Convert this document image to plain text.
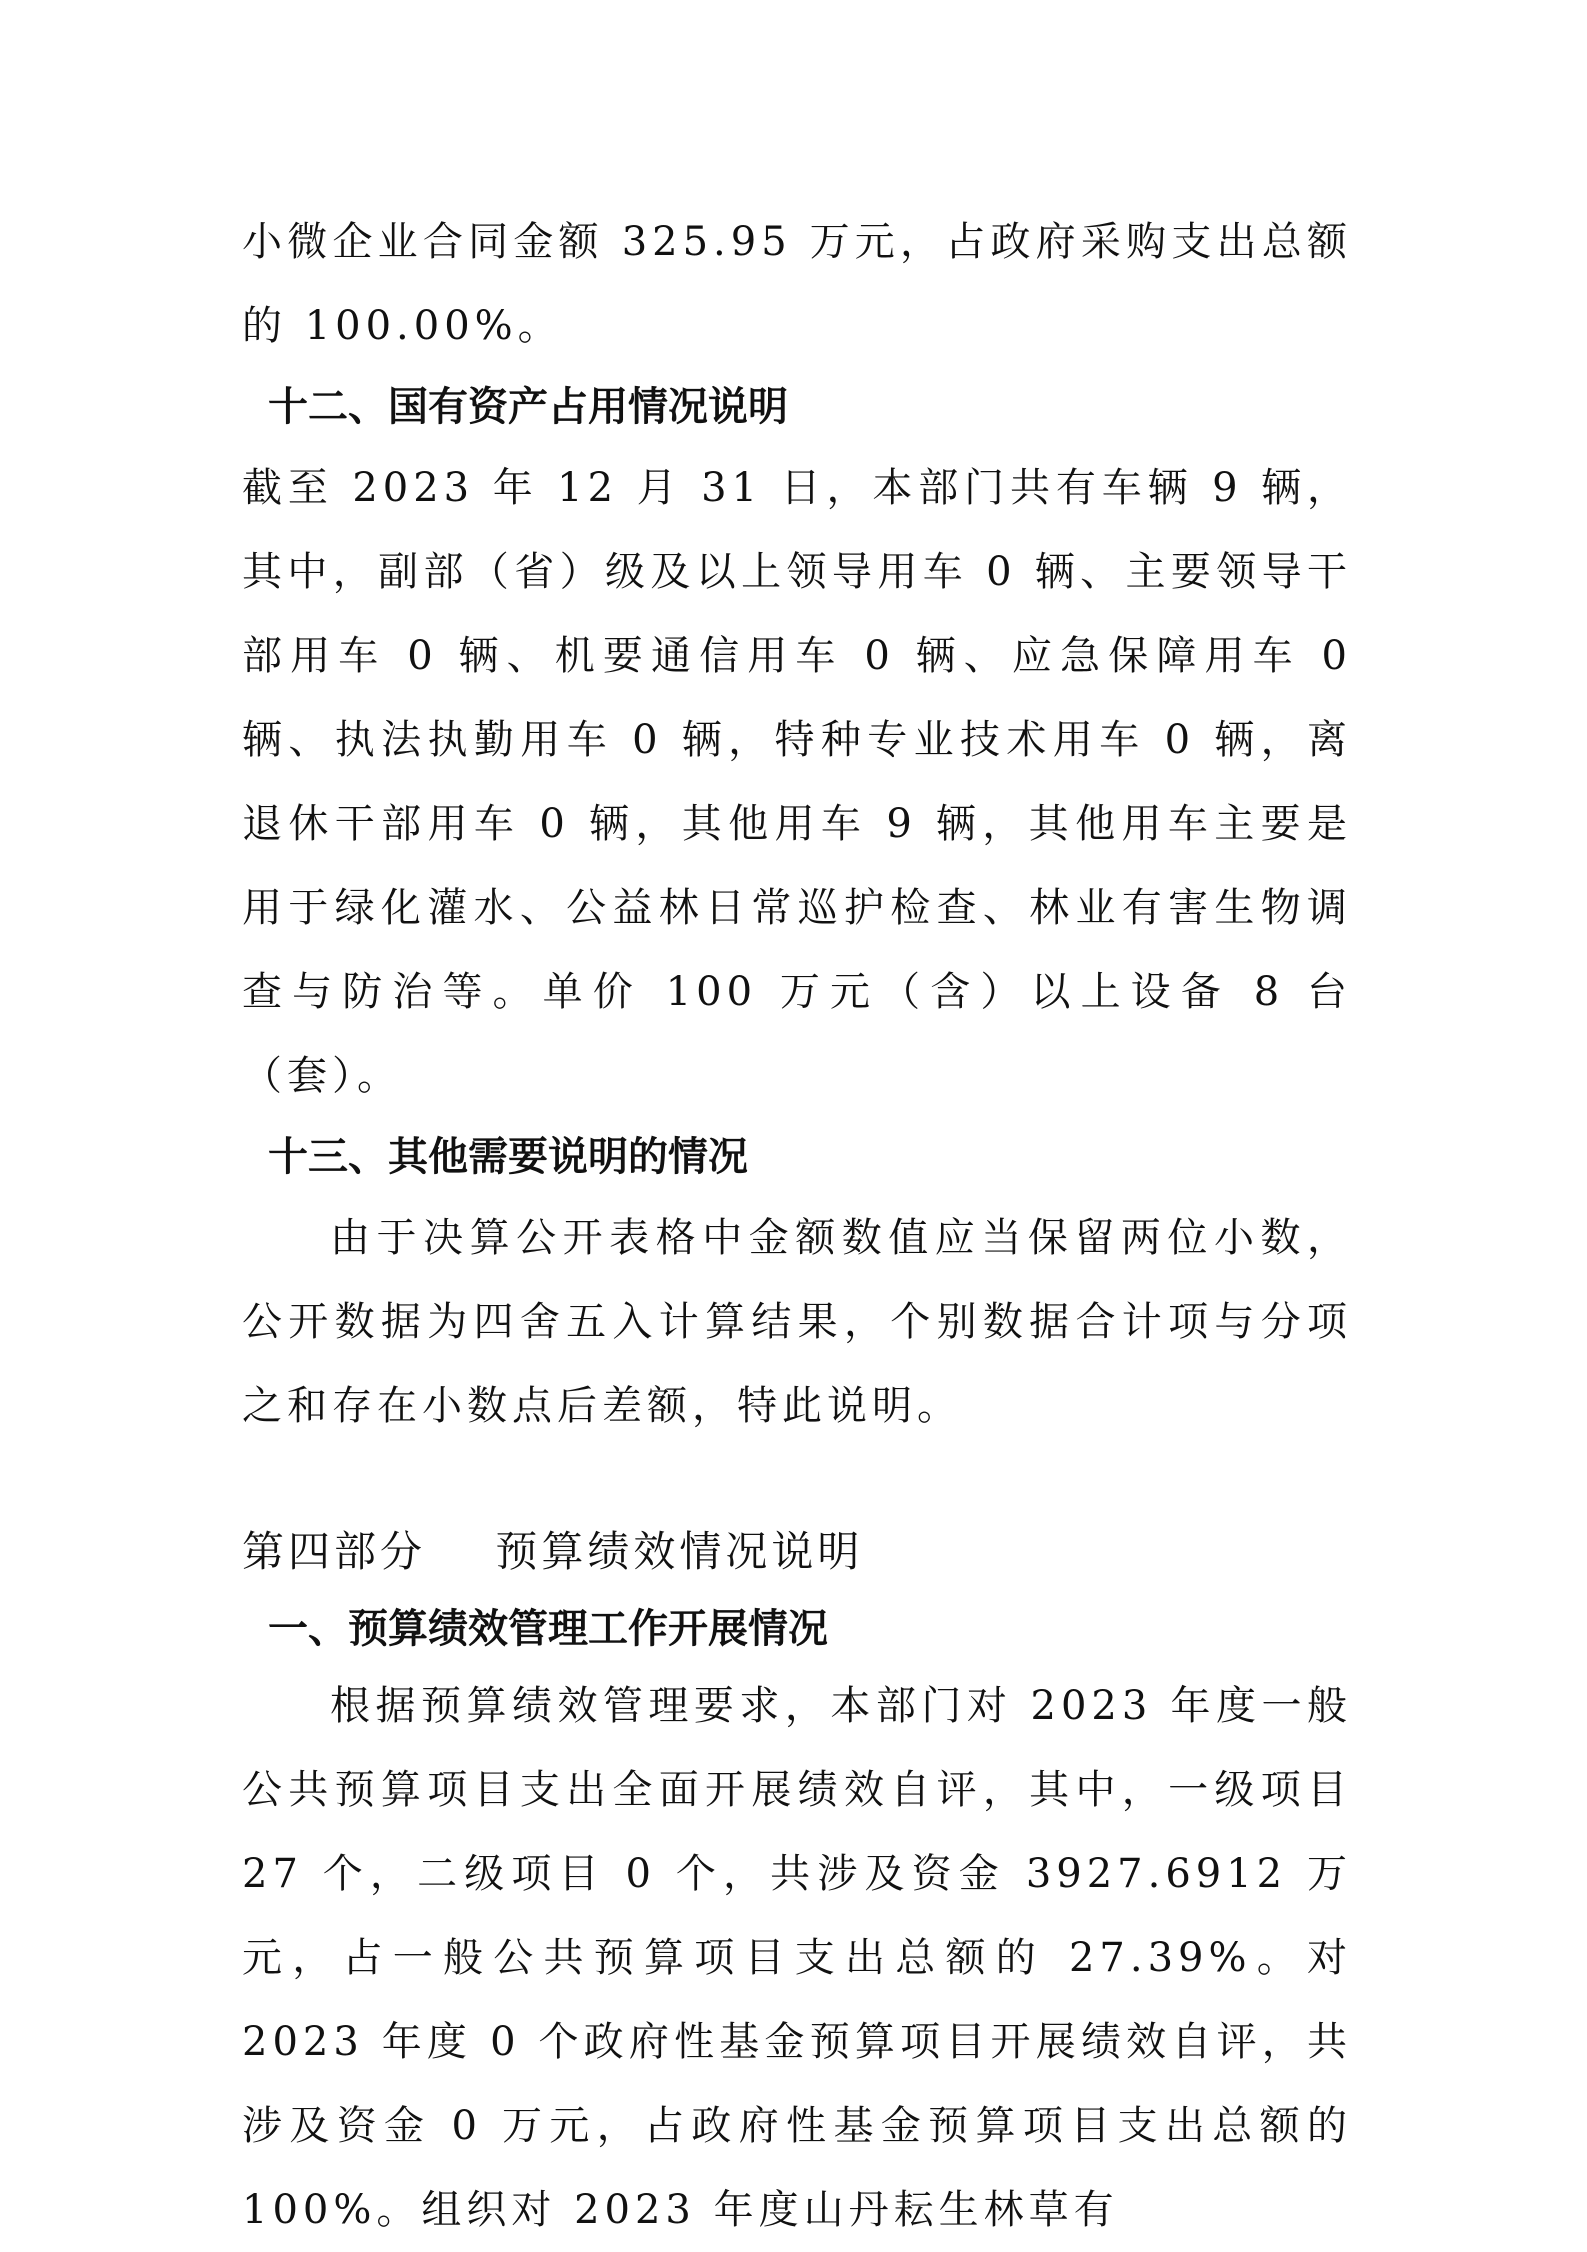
小微企业合同金额 325.95 万元，占政府采购支出总额的 100.00%。

十二、国有资产占用情况说明

截至 2023 年 12 月 31 日，本部门共有车辆 9 辆，其中，副部（省）级及以上领导用车 0 辆、主要领导干部用车 0 辆、机要通信用车 0 辆、应急保障用车 0 辆、执法执勤用车 0 辆，特种专业技术用车 0 辆，离退休干部用车 0 辆，其他用车 9 辆，其他用车主要是用于绿化灌水、公益林日常巡护检查、林业有害生物调查与防治等。单价 100 万元（含）以上设备 8 台（套）。

十三、其他需要说明的情况

由于决算公开表格中金额数值应当保留两位小数，公开数据为四舍五入计算结果，个别数据合计项与分项之和存在小数点后差额，特此说明。

第四部分    预算绩效情况说明

一、预算绩效管理工作开展情况

根据预算绩效管理要求，本部门对 2023 年度一般公共预算项目支出全面开展绩效自评，其中，一级项目 27 个，二级项目 0 个，共涉及资金 3927.6912 万元，占一般公共预算项目支出总额的 27.39%。对 2023 年度 0 个政府性基金预算项目开展绩效自评，共涉及资金 0 万元，占政府性基金预算项目支出总额的 100%。组织对 2023 年度山丹耘生林草有
